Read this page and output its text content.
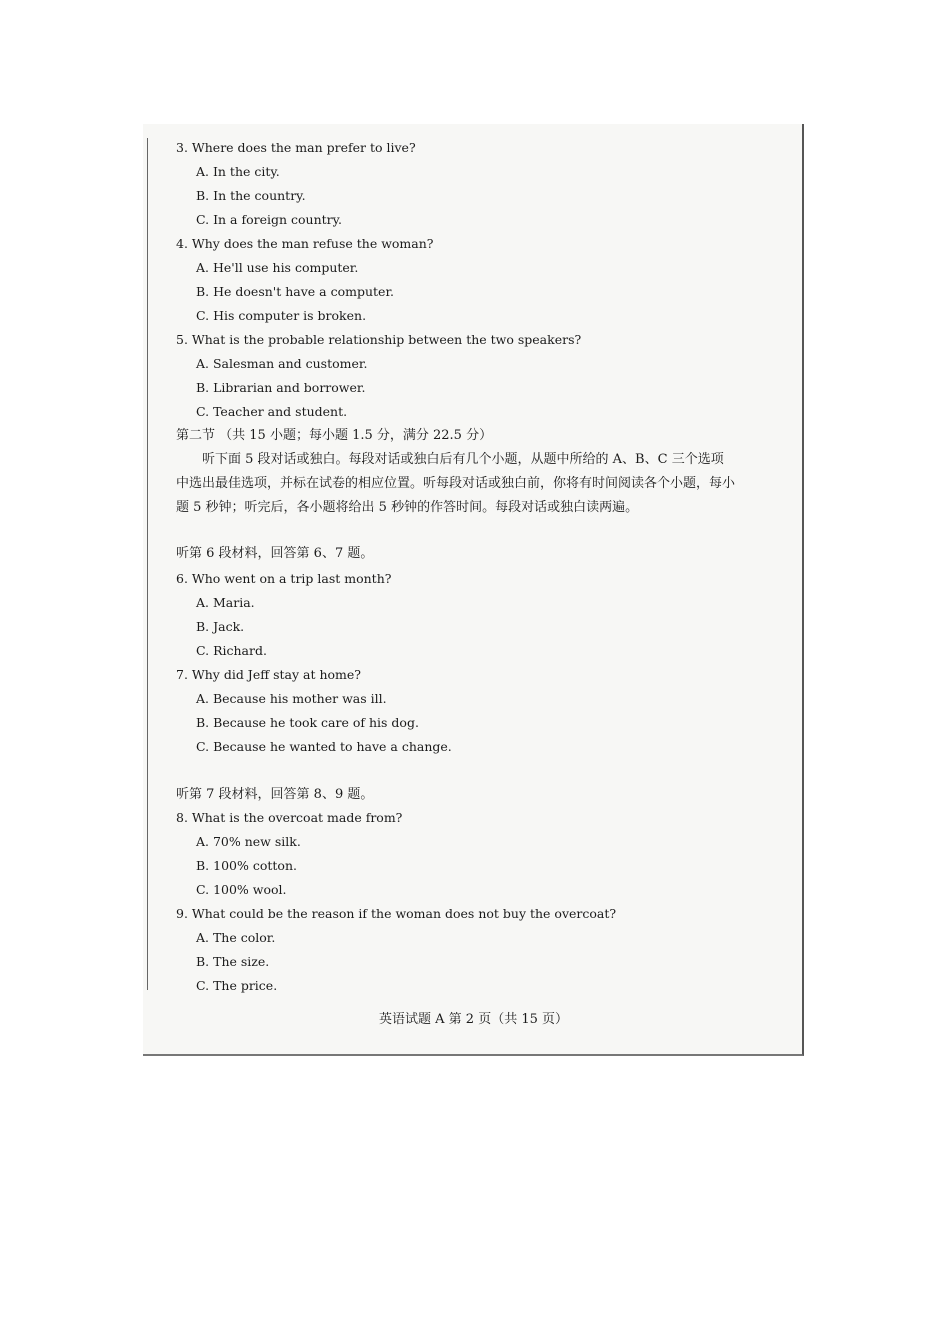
3. Where does the man prefer to live?
A. In the city.
B. In the country.
C. In a foreign country.
4. Why does the man refuse the woman?
A. He'll use his computer.
B. He doesn't have a computer.
C. His computer is broken.
5. What is the probable relationship between the two speakers?
A. Salesman and customer.
B. Librarian and borrower.
C. Teacher and student.
第二节 （共 15 小题；每小题 1.5 分，满分 22.5 分）
听下面 5 段对话或独白。每段对话或独白后有几个小题，从题中所给的 A、B、C 三个选项中选出最佳选项，并标在试卷的相应位置。听每段对话或独白前，你将有时间阅读各个小题，每小题 5 秒钟；听完后，各小题将给出 5 秒钟的作答时间。每段对话或独白读两遍。
听第 6 段材料，回答第 6、7 题。
6. Who went on a trip last month?
A. Maria.
B. Jack.
C. Richard.
7. Why did Jeff stay at home?
A. Because his mother was ill.
B. Because he took care of his dog.
C. Because he wanted to have a change.
听第 7 段材料，回答第 8、9 题。
8. What is the overcoat made from?
A. 70% new silk.
B. 100% cotton.
C. 100% wool.
9. What could be the reason if the woman does not buy the overcoat?
A. The color.
B. The size.
C. The price.
英语试题 A 第 2 页（共 15 页）
